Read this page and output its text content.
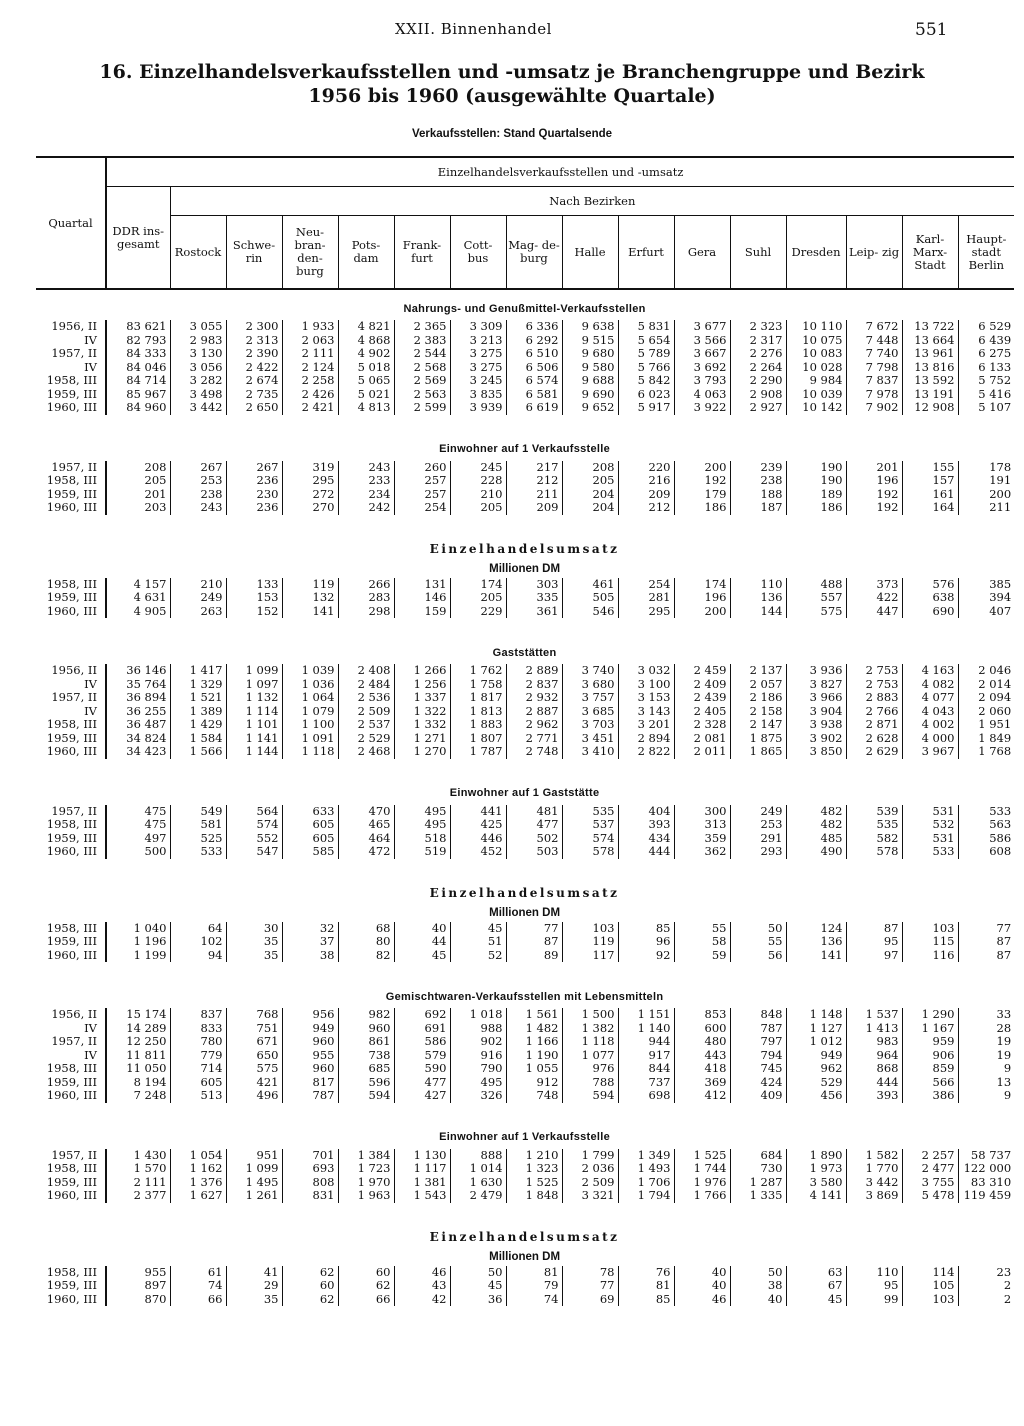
XXII. Binnenhandel	551
16. Einzelhandelsverkaufsstellen und -umsatz je Branchengruppe und Bezirk
1956 bis 1960 (ausgewählte Quartale)
Verkaufsstellen: Stand Quartalsende
Quartal	Einzelhandelsverkaufsstellen und -umsatz															
	DDR ins- gesamt	Nach Bezirken														
		Rostock	Schwe- rin	Neu- bran- den- burg	Pots- dam	Frank- furt	Cott- bus	Mag- de- burg	Halle	Erfurt	Gera	Suhl	Dresden	Leip- zig	Karl- Marx- Stadt	Haupt- stadt Berlin
Nahrungs- und Genußmittel-Verkaufsstellen																
1956, II	83 621	3 055	2 300	1 933	4 821	2 365	3 309	6 336	9 638	5 831	3 677	2 323	10 110	7 672	13 722	6 529
IV	82 793	2 983	2 313	2 063	4 868	2 383	3 213	6 292	9 515	5 654	3 566	2 317	10 075	7 448	13 664	6 439
1957, II	84 333	3 130	2 390	2 111	4 902	2 544	3 275	6 510	9 680	5 789	3 667	2 276	10 083	7 740	13 961	6 275
IV	84 046	3 056	2 422	2 124	5 018	2 568	3 275	6 506	9 580	5 766	3 692	2 264	10 028	7 798	13 816	6 133
1958, III	84 714	3 282	2 674	2 258	5 065	2 569	3 245	6 574	9 688	5 842	3 793	2 290	9 984	7 837	13 592	5 752
1959, III	85 967	3 498	2 735	2 426	5 021	2 563	3 835	6 581	9 690	6 023	4 063	2 908	10 039	7 978	13 191	5 416
1960, III	84 960	3 442	2 650	2 421	4 813	2 599	3 939	6 619	9 652	5 917	3 922	2 927	10 142	7 902	12 908	5 107

Einwohner auf 1 Verkaufsstelle																
1957, II	208	267	267	319	243	260	245	217	208	220	200	239	190	201	155	178
1958, III	205	253	236	295	233	257	228	212	205	216	192	238	190	196	157	191
1959, III	201	238	230	272	234	257	210	211	204	209	179	188	189	192	161	200
1960, III	203	243	236	270	242	254	205	209	204	212	186	187	186	192	164	211

Einzelhandelsumsatz																
Millionen DM																
1958, III	4 157	210	133	119	266	131	174	303	461	254	174	110	488	373	576	385
1959, III	4 631	249	153	132	283	146	205	335	505	281	196	136	557	422	638	394
1960, III	4 905	263	152	141	298	159	229	361	546	295	200	144	575	447	690	407

Gaststätten																
1956, II	36 146	1 417	1 099	1 039	2 408	1 266	1 762	2 889	3 740	3 032	2 459	2 137	3 936	2 753	4 163	2 046
IV	35 764	1 329	1 097	1 036	2 484	1 256	1 758	2 837	3 680	3 100	2 409	2 057	3 827	2 753	4 082	2 014
1957, II	36 894	1 521	1 132	1 064	2 536	1 337	1 817	2 932	3 757	3 153	2 439	2 186	3 966	2 883	4 077	2 094
IV	36 255	1 389	1 114	1 079	2 509	1 322	1 813	2 887	3 685	3 143	2 405	2 158	3 904	2 766	4 043	2 060
1958, III	36 487	1 429	1 101	1 100	2 537	1 332	1 883	2 962	3 703	3 201	2 328	2 147	3 938	2 871	4 002	1 951
1959, III	34 824	1 584	1 141	1 091	2 529	1 271	1 807	2 771	3 451	2 894	2 081	1 875	3 902	2 628	4 000	1 849
1960, III	34 423	1 566	1 144	1 118	2 468	1 270	1 787	2 748	3 410	2 822	2 011	1 865	3 850	2 629	3 967	1 768

Einwohner auf 1 Gaststätte																
1957, II	475	549	564	633	470	495	441	481	535	404	300	249	482	539	531	533
1958, III	475	581	574	605	465	495	425	477	537	393	313	253	482	535	532	563
1959, III	497	525	552	605	464	518	446	502	574	434	359	291	485	582	531	586
1960, III	500	533	547	585	472	519	452	503	578	444	362	293	490	578	533	608

Einzelhandelsumsatz																
Millionen DM																
1958, III	1 040	64	30	32	68	40	45	77	103	85	55	50	124	87	103	77
1959, III	1 196	102	35	37	80	44	51	87	119	96	58	55	136	95	115	87
1960, III	1 199	94	35	38	82	45	52	89	117	92	59	56	141	97	116	87

Gemischtwaren-Verkaufsstellen mit Lebensmitteln																
1956, II	15 174	837	768	956	982	692	1 018	1 561	1 500	1 151	853	848	1 148	1 537	1 290	33
IV	14 289	833	751	949	960	691	988	1 482	1 382	1 140	600	787	1 127	1 413	1 167	28
1957, II	12 250	780	671	960	861	586	902	1 166	1 118	944	480	797	1 012	983	959	19
IV	11 811	779	650	955	738	579	916	1 190	1 077	917	443	794	949	964	906	19
1958, III	11 050	714	575	960	685	590	790	1 055	976	844	418	745	962	868	859	9
1959, III	8 194	605	421	817	596	477	495	912	788	737	369	424	529	444	566	13
1960, III	7 248	513	496	787	594	427	326	748	594	698	412	409	456	393	386	9

Einwohner auf 1 Verkaufsstelle																
1957, II	1 430	1 054	951	701	1 384	1 130	888	1 210	1 799	1 349	1 525	684	1 890	1 582	2 257	58 737
1958, III	1 570	1 162	1 099	693	1 723	1 117	1 014	1 323	2 036	1 493	1 744	730	1 973	1 770	2 477	122 000
1959, III	2 111	1 376	1 495	808	1 970	1 381	1 630	1 525	2 509	1 706	1 976	1 287	3 580	3 442	3 755	83 310
1960, III	2 377	1 627	1 261	831	1 963	1 543	2 479	1 848	3 321	1 794	1 766	1 335	4 141	3 869	5 478	119 459

Einzelhandelsumsatz																
Millionen DM																
1958, III	955	61	41	62	60	46	50	81	78	76	40	50	63	110	114	23
1959, III	897	74	29	60	62	43	45	79	77	81	40	38	67	95	105	2
1960, III	870	66	35	62	66	42	36	74	69	85	46	40	45	99	103	2
